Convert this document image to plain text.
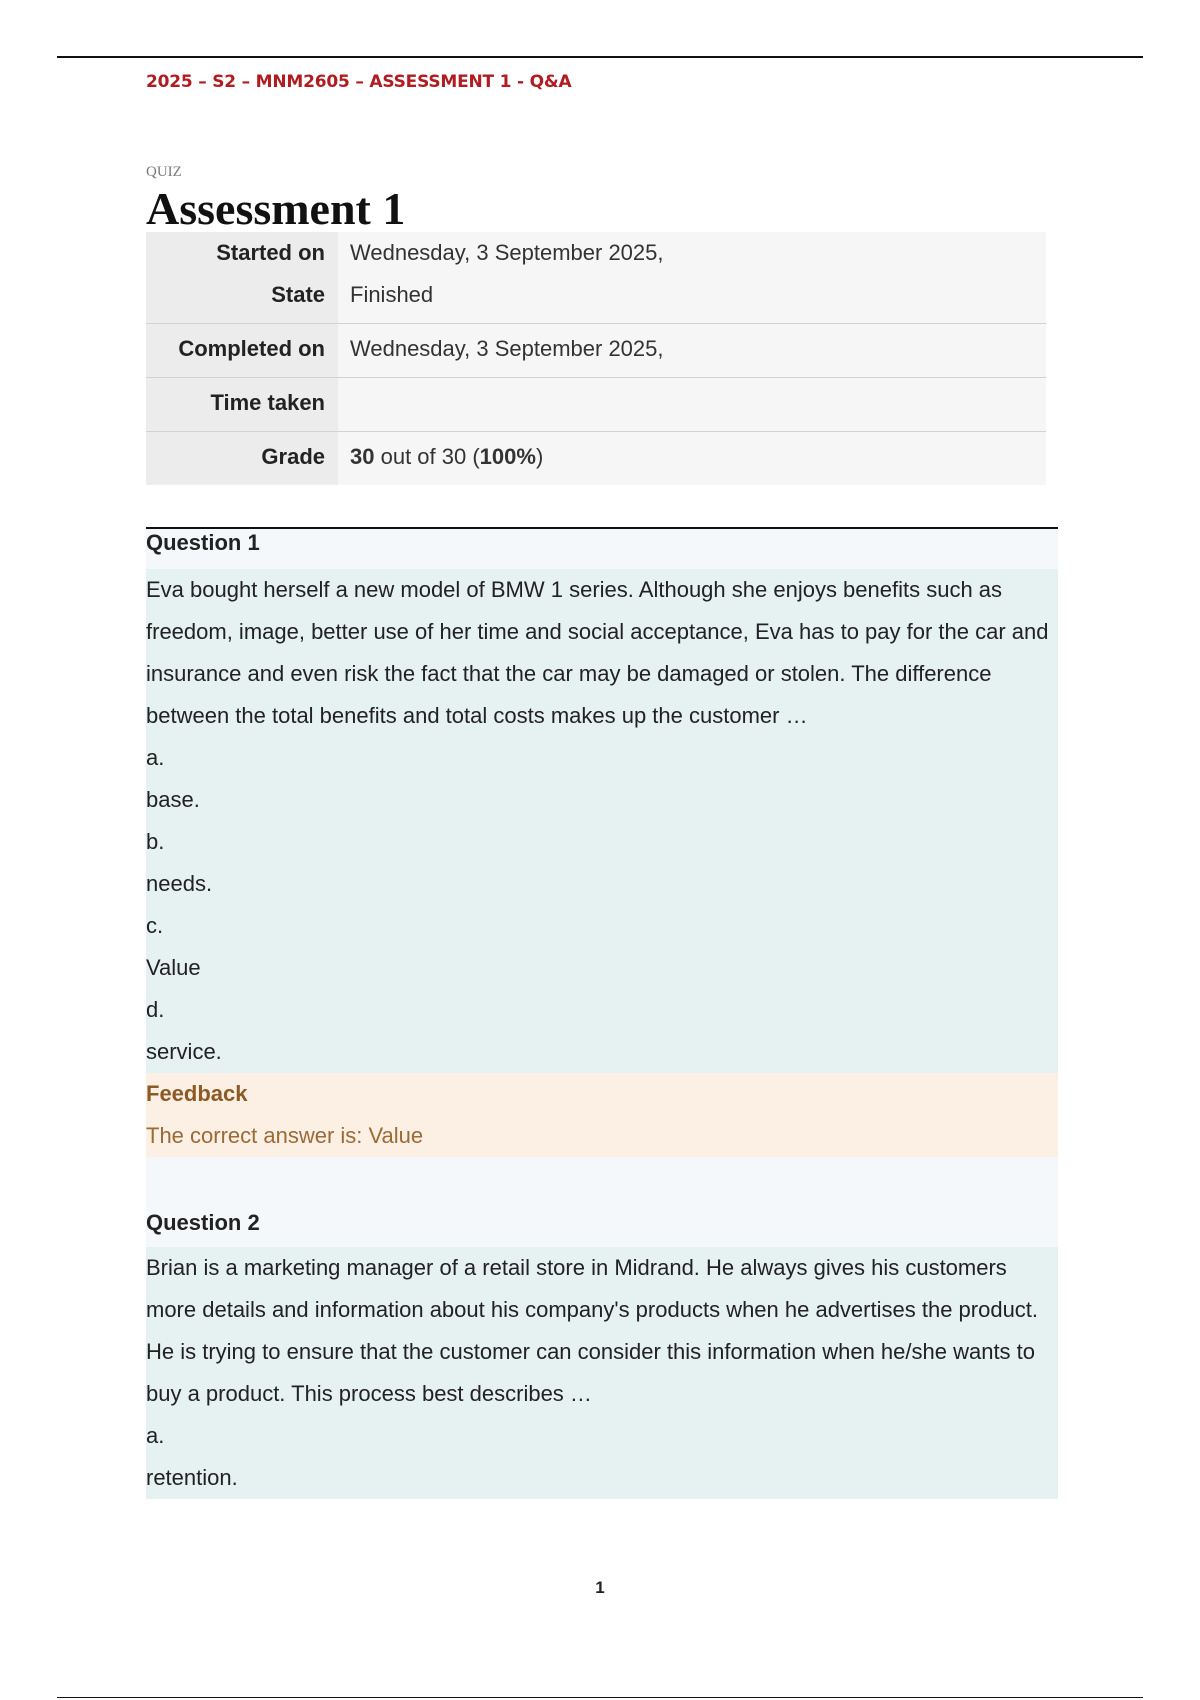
2025 – S2 – MNM2605 – ASSESSMENT 1 - Q&A
QUIZ
Assessment 1
Started on	Wednesday, 3 September 2025,
State	Finished
Completed on	Wednesday, 3 September 2025,
Time taken	
Grade	30 out of 30 (100%)
Question 1

Eva bought herself a new model of BMW 1 series. Although she enjoys benefits such as freedom, image, better use of her time and social acceptance, Eva has to pay for the car and insurance and even risk the fact that the car may be damaged or stolen. The difference between the total benefits and total costs makes up the customer …

a.

base.

b.

needs.

c.

Value

d.

service.

Feedback
The correct answer is: Value
Question 2

Brian is a marketing manager of a retail store in Midrand. He always gives his customers more details and information about his company's products when he advertises the product. He is trying to ensure that the customer can consider this information when he/she wants to buy a product. This process best describes …

a.

retention.

1
